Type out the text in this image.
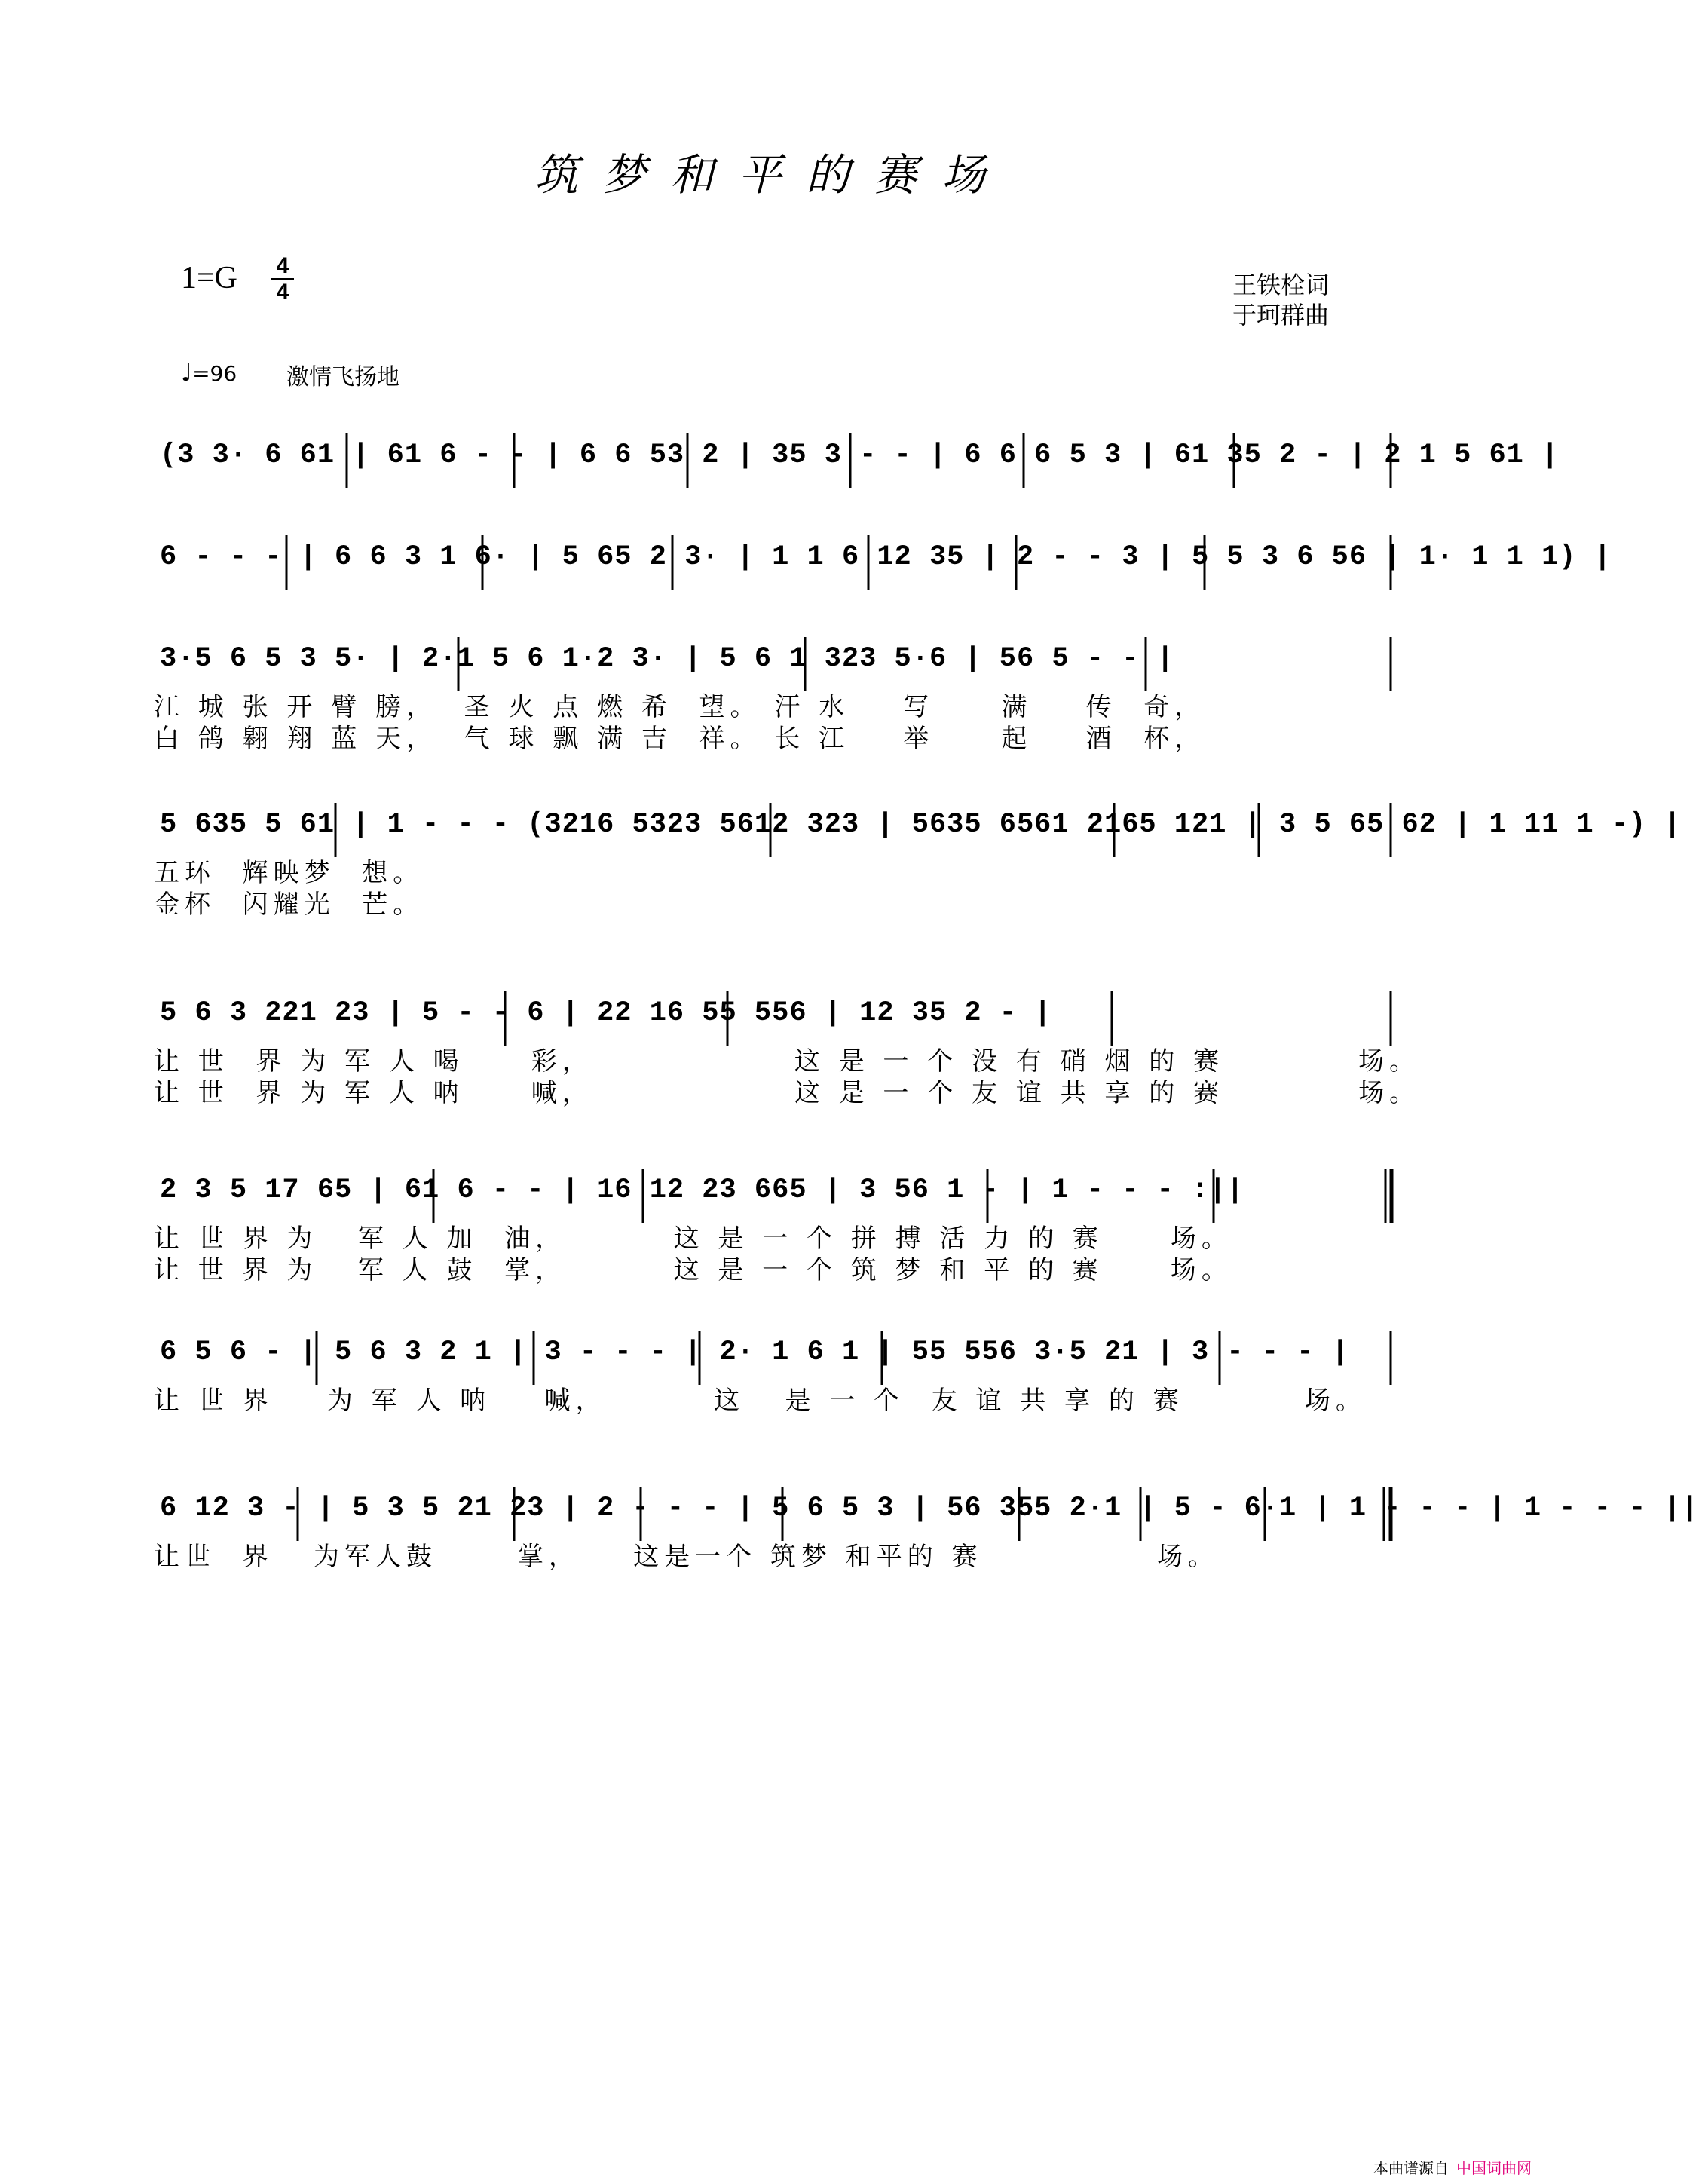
筑梦和平的赛场
1=G 4
4	王铁栓词
于珂群曲
♩=96 激情飞扬地
(3 3· 6 61 | 61 6 - - | 6 6 53 2 | 35 3 - - | 6 6 6 5 3 | 61 35 2 - | 2 1 5 61 |
6 - - - | 6 6 3 1 6· | 5 65 2 3· | 1 1 6 12 35 | 2 - - 3 | 5 5 3 6 56 | 1· 1 1 1) |
3·5 6 5 3 5· | 2·1 5 6 1·2 3· | 5 6 1 323 5·6 | 56 5 - - |
江 城 张 开 臂 膀，  圣 火 点 燃 希  望。 汗 水    写     满    传  奇，
白 鸽 翱 翔 蓝 天，  气 球 飘 满 吉  祥。 长 江    举     起    酒  杯，
5 635 5 61 | 1 - - - (3216 5323 5612 323 | 5635 6561 2165 121 | 3 5 65 62 | 1 11 1 -) |
五环  辉映梦  想。
金杯  闪耀光  芒。
5 6 3 221 23 | 5 - - 6 | 22 16 55 556 | 12 35 2 - |
让 世  界 为 军 人 喝     彩，               这 是 一 个 没 有 硝 烟 的 赛          场。
让 世  界 为 军 人 呐     喊，               这 是 一 个 友 谊 共 享 的 赛          场。
2 3 5 17 65 | 61 6 - - | 16 12 23 665 | 3 56 1 - | 1 - - - :||
让 世 界 为   军 人 加  油，        这 是 一 个 拼 搏 活 力 的 赛     场。
让 世 界 为   军 人 鼓  掌，        这 是 一 个 筑 梦 和 平 的 赛     场。
6 5 6 - | 5 6 3 2 1 | 3 - - - | 2· 1 6 1 | 55 556 3·5 21 | 3 - - - |
让 世 界    为 军 人 呐    喊，        这   是 一 个  友 谊 共 享 的 赛         场。
6 12 3 - | 5 3 5 21 23 | 2 - - - | 5 6 5 3 | 56 355 2·1 | 5 - 6·1 | 1 - - - | 1 - - - ||
让世  界   为军人鼓      掌，    这是一个 筑梦 和平的 赛             场。
本曲谱源自 中国词曲网
